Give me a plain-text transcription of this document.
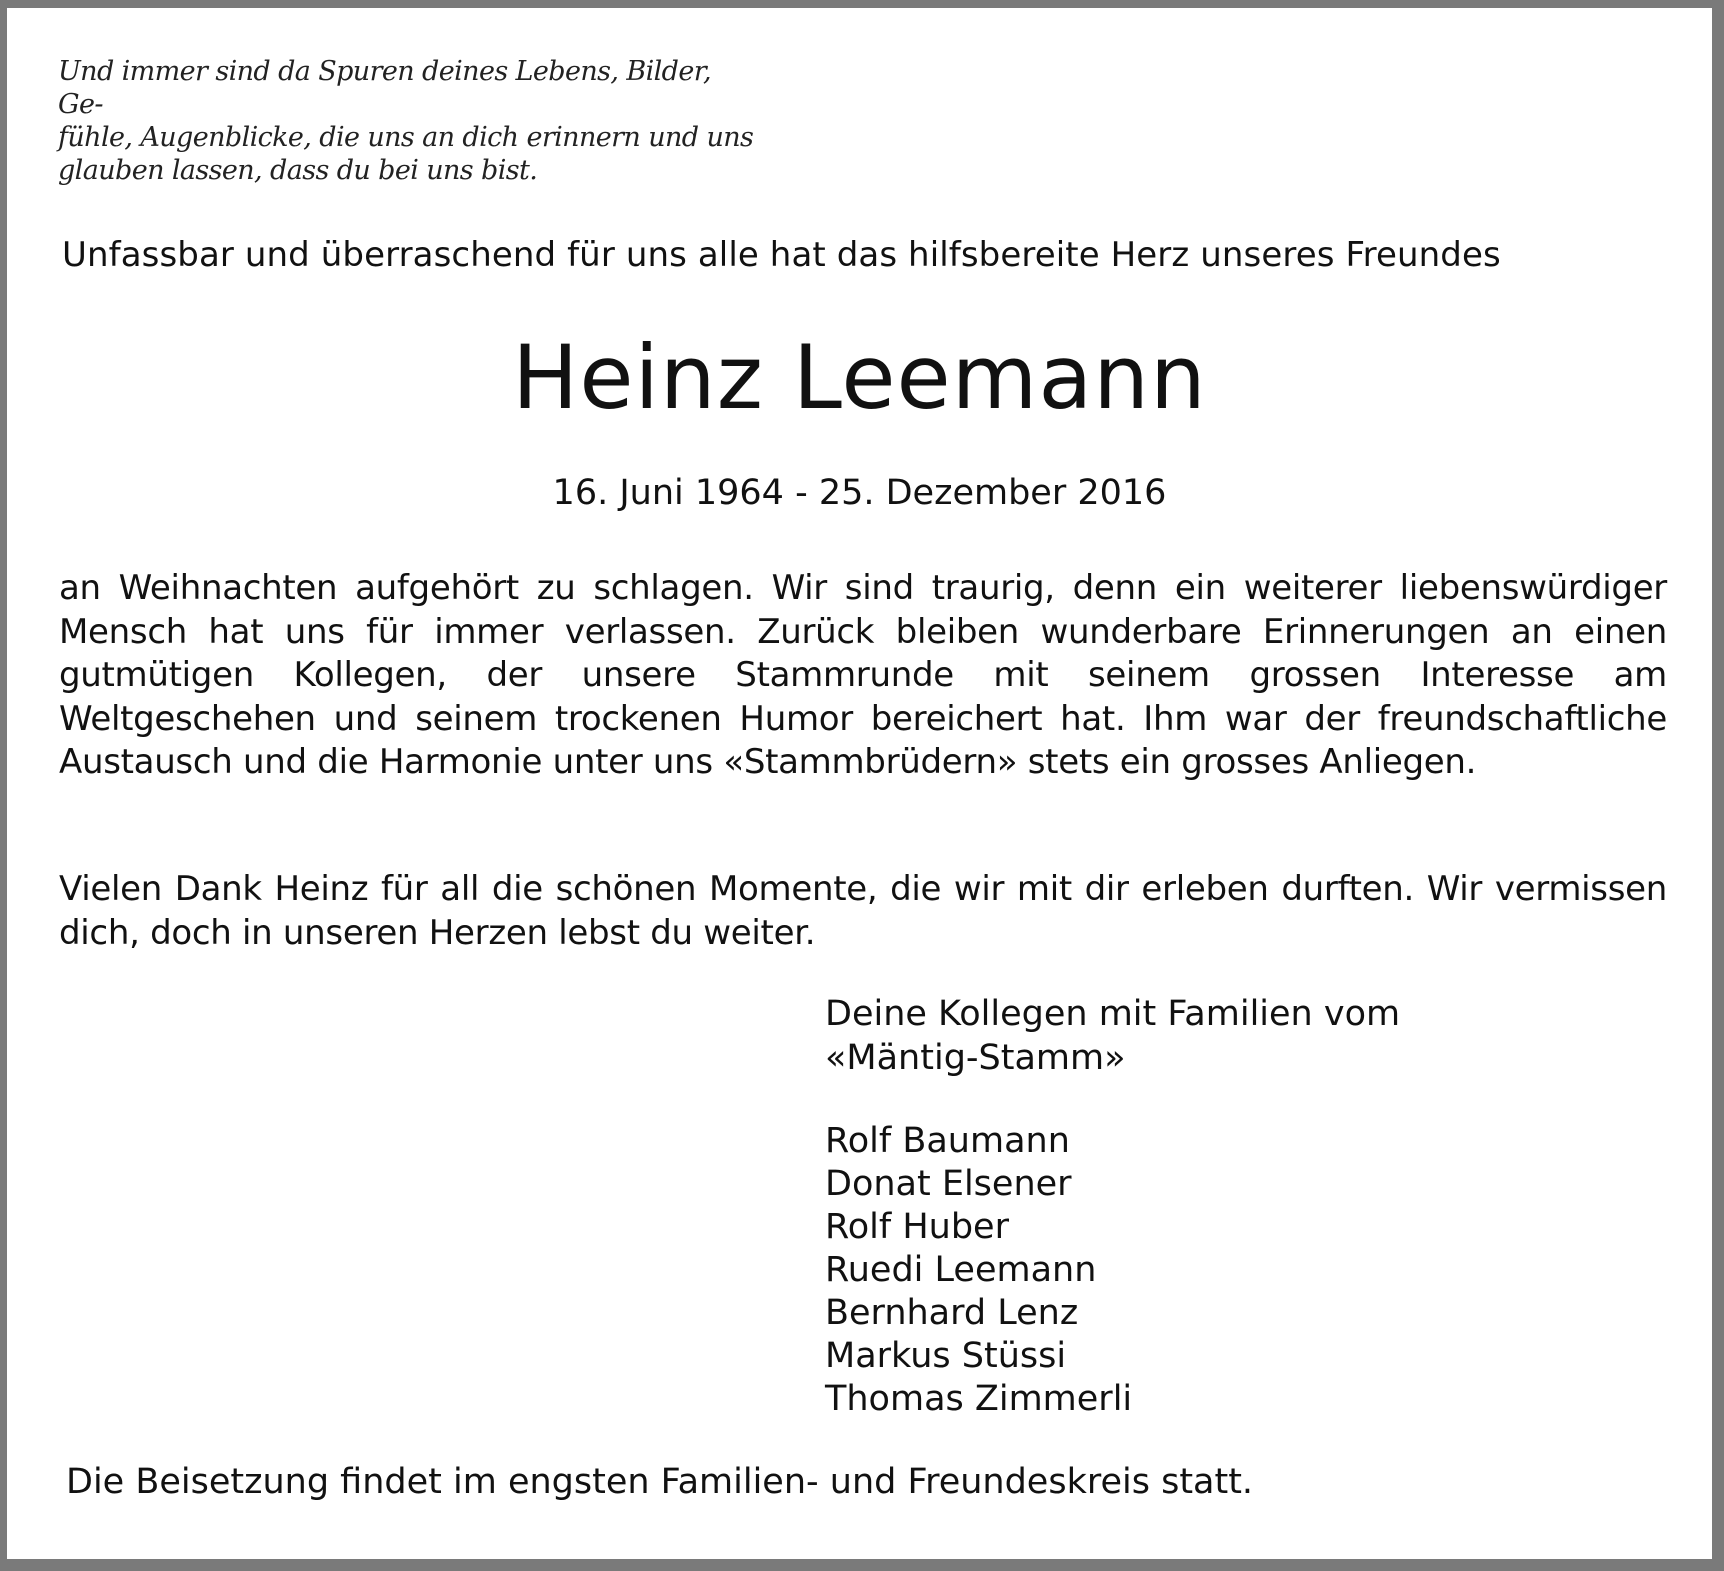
Und immer sind da Spuren deines Lebens, Bilder, Ge-
fühle, Augenblicke, die uns an dich erinnern und uns
glauben lassen, dass du bei uns bist.
Unfassbar und überraschend für uns alle hat das hilfsbereite Herz unseres Freundes
Heinz Leemann
16. Juni 1964 - 25. Dezember 2016
an Weihnachten aufgehört zu schlagen. Wir sind traurig, denn ein weiterer liebenswürdiger Mensch hat uns für immer verlassen. Zurück bleiben wunderbare Erinnerungen an einen gutmütigen Kollegen, der unsere Stammrunde mit seinem grossen Interesse am Weltgeschehen und seinem trockenen Humor bereichert hat. Ihm war der freundschaftliche Austausch und die Harmonie unter uns «Stammbrüdern» stets ein grosses Anliegen.
Vielen Dank Heinz für all die schönen Momente, die wir mit dir erleben durften. Wir vermissen dich, doch in unseren Herzen lebst du weiter.
Deine Kollegen mit Familien vom
«Mäntig-Stamm»
Rolf Baumann
Donat Elsener
Rolf Huber
Ruedi Leemann
Bernhard Lenz
Markus Stüssi
Thomas Zimmerli
Die Beisetzung findet im engsten Familien- und Freundeskreis statt.
